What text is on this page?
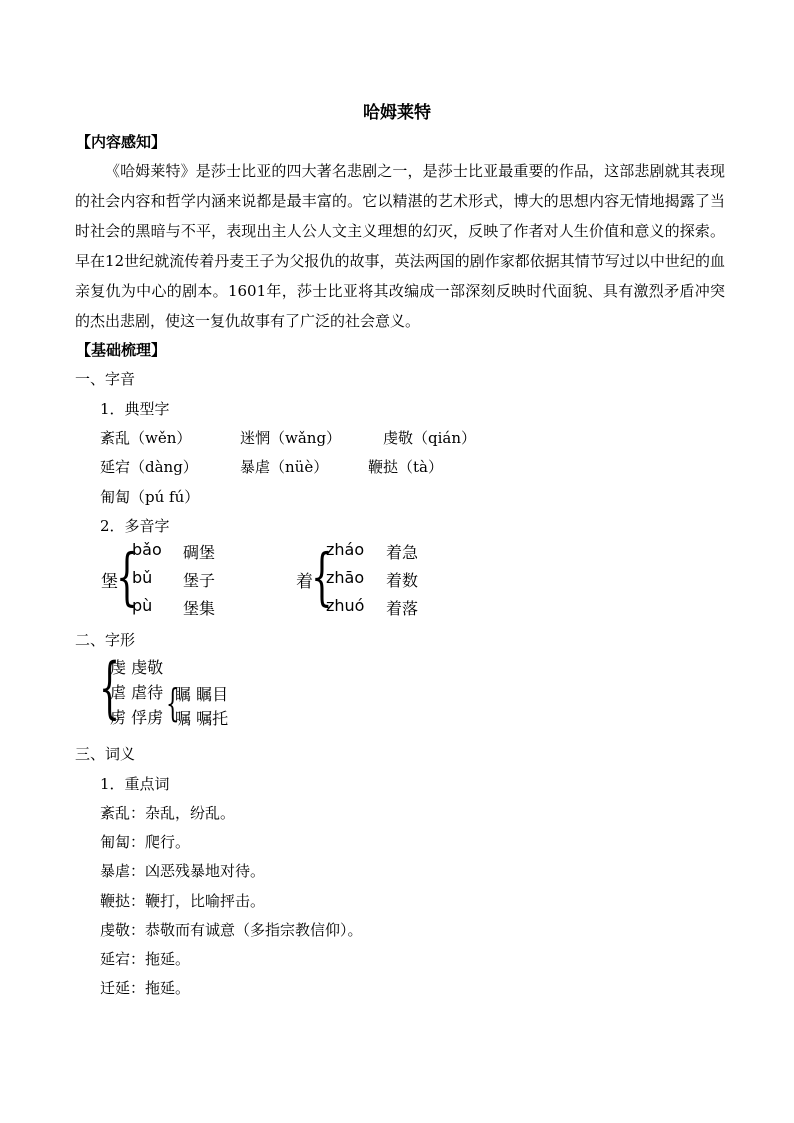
哈姆莱特
【内容感知】

《哈姆莱特》是莎士比亚的四大著名悲剧之一，是莎士比亚最重要的作品，这部悲剧就其表现的社会内容和哲学内涵来说都是最丰富的。它以精湛的艺术形式，博大的思想内容无情地揭露了当时社会的黑暗与不平，表现出主人公人文主义理想的幻灭，反映了作者对人生价值和意义的探索。早在12世纪就流传着丹麦王子为父报仇的故事，英法两国的剧作家都依据其情节写过以中世纪的血亲复仇为中心的剧本。1601年，莎士比亚将其改编成一部深刻反映时代面貌、具有激烈矛盾冲突的杰出悲剧，使这一复仇故事有了广泛的社会意义。

【基础梳理】
一、字音
1．典型字
紊乱（wěn）	迷惘（wǎng）	虔敬（qián）
延宕（dàng）	暴虐（nüè）	鞭挞（tà）
匍匐（pú fú）
2．多音字
堡
{
bǎo 碉堡
bǔ 堡子
pù 堡集
着
{
zháo 着急
zhāo 着数
zhuó 着落
二、字形
{
虔 虔敬
虐 虐待
虏 俘虏 {
瞩 瞩目
嘱 嘱托
三、词义
1．重点词
紊乱：杂乱，纷乱。
匍匐：爬行。
暴虐：凶恶残暴地对待。
鞭挞：鞭打，比喻抨击。
虔敬：恭敬而有诚意（多指宗教信仰）。
延宕：拖延。
迁延：拖延。
